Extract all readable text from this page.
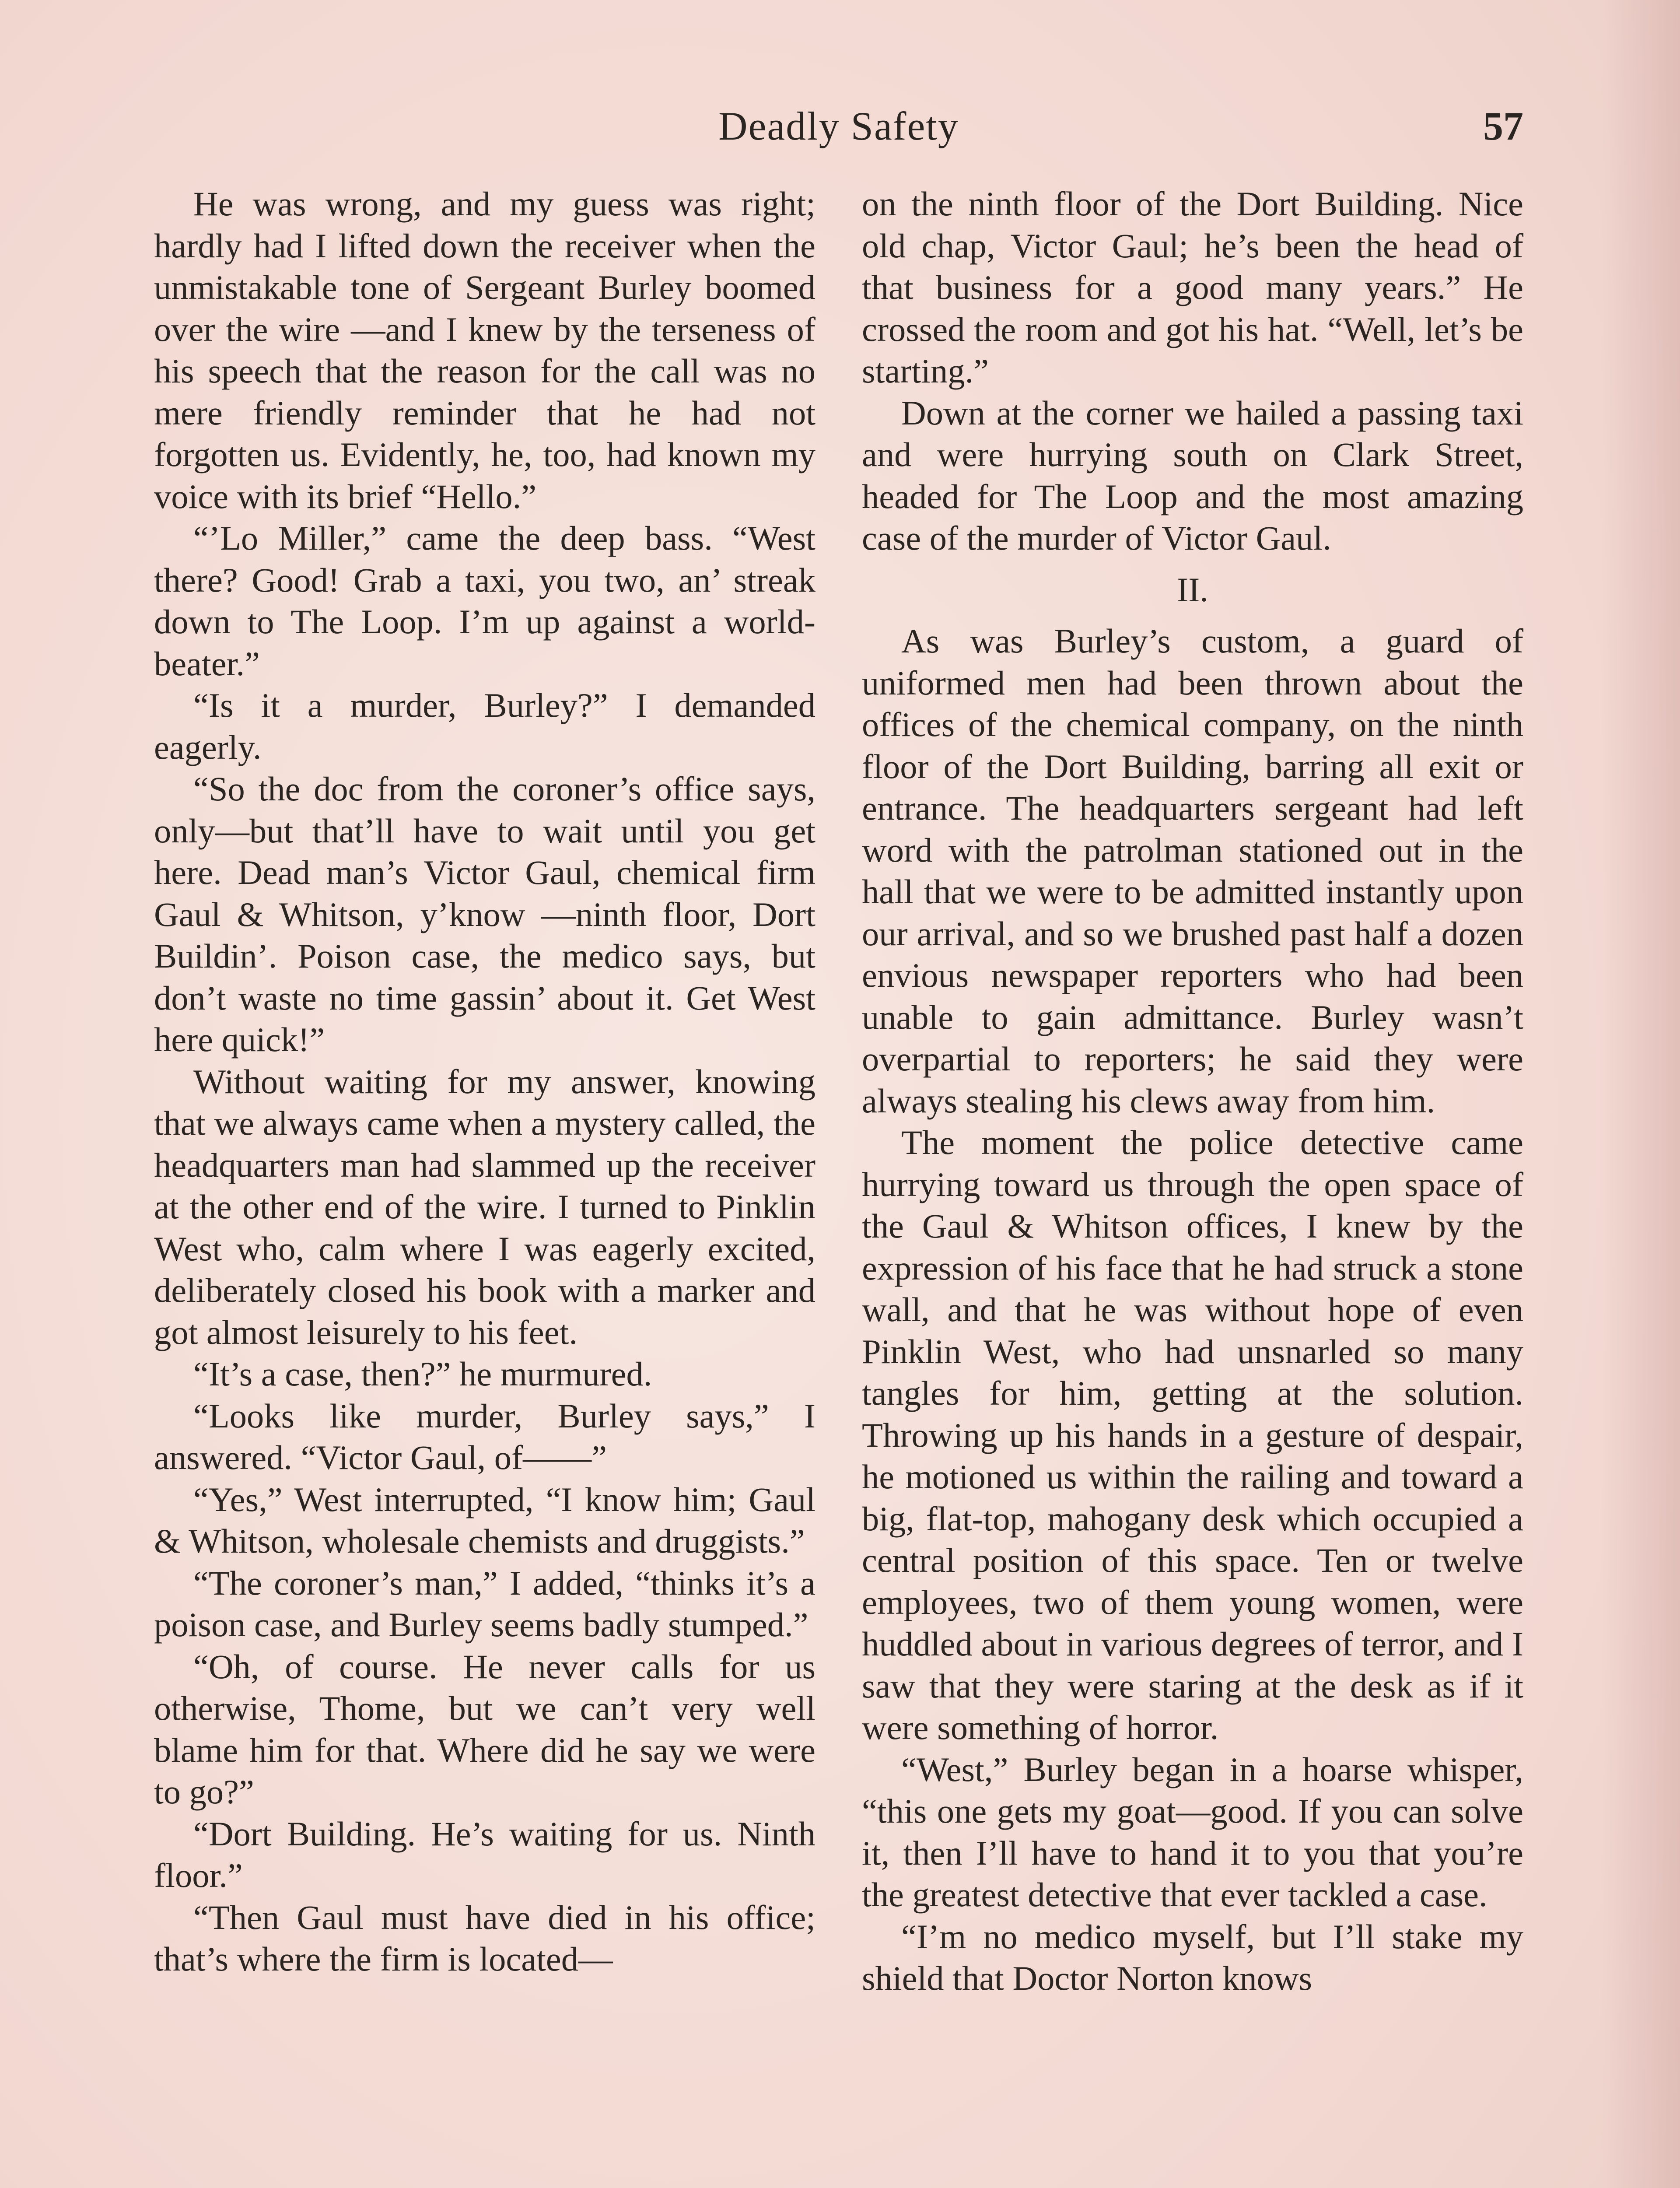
Deadly Safety	57

He was wrong, and my guess was right; hardly had I lifted down the receiver when the unmistakable tone of Sergeant Burley boomed over the wire —and I knew by the terseness of his speech that the reason for the call was no mere friendly reminder that he had not forgotten us. Evidently, he, too, had known my voice with its brief “Hello.”

“’Lo Miller,” came the deep bass. “West there? Good! Grab a taxi, you two, an’ streak down to The Loop. I’m up against a world-beater.”

“Is it a murder, Burley?” I demanded eagerly.

“So the doc from the coroner’s office says, only—but that’ll have to wait until you get here. Dead man’s Victor Gaul, chemical firm Gaul & Whitson, y’know —ninth floor, Dort Buildin’. Poison case, the medico says, but don’t waste no time gassin’ about it. Get West here quick!”

Without waiting for my answer, knowing that we always came when a mystery called, the headquarters man had slammed up the receiver at the other end of the wire. I turned to Pinklin West who, calm where I was eagerly excited, deliberately closed his book with a marker and got almost leisurely to his feet.

“It’s a case, then?” he murmured.

“Looks like murder, Burley says,” I answered. “Victor Gaul, of——”

“Yes,” West interrupted, “I know him; Gaul & Whitson, wholesale chemists and druggists.”

“The coroner’s man,” I added, “thinks it’s a poison case, and Burley seems badly stumped.”

“Oh, of course. He never calls for us otherwise, Thome, but we can’t very well blame him for that. Where did he say we were to go?”

“Dort Building. He’s waiting for us. Ninth floor.”

“Then Gaul must have died in his office; that’s where the firm is located—

on the ninth floor of the Dort Building. Nice old chap, Victor Gaul; he’s been the head of that business for a good many years.” He crossed the room and got his hat. “Well, let’s be starting.”

Down at the corner we hailed a passing taxi and were hurrying south on Clark Street, headed for The Loop and the most amazing case of the murder of Victor Gaul.

II.

As was Burley’s custom, a guard of uniformed men had been thrown about the offices of the chemical company, on the ninth floor of the Dort Building, barring all exit or entrance. The headquarters sergeant had left word with the patrolman stationed out in the hall that we were to be admitted instantly upon our arrival, and so we brushed past half a dozen envious newspaper reporters who had been unable to gain admittance. Burley wasn’t overpartial to reporters; he said they were always stealing his clews away from him.

The moment the police detective came hurrying toward us through the open space of the Gaul & Whitson offices, I knew by the expression of his face that he had struck a stone wall, and that he was without hope of even Pinklin West, who had unsnarled so many tangles for him, getting at the solution. Throwing up his hands in a gesture of despair, he motioned us within the railing and toward a big, flat-top, mahogany desk which occupied a central position of this space. Ten or twelve employees, two of them young women, were huddled about in various degrees of terror, and I saw that they were staring at the desk as if it were something of horror.

“West,” Burley began in a hoarse whisper, “this one gets my goat—good. If you can solve it, then I’ll have to hand it to you that you’re the greatest detective that ever tackled a case.

“I’m no medico myself, but I’ll stake my shield that Doctor Norton knows
